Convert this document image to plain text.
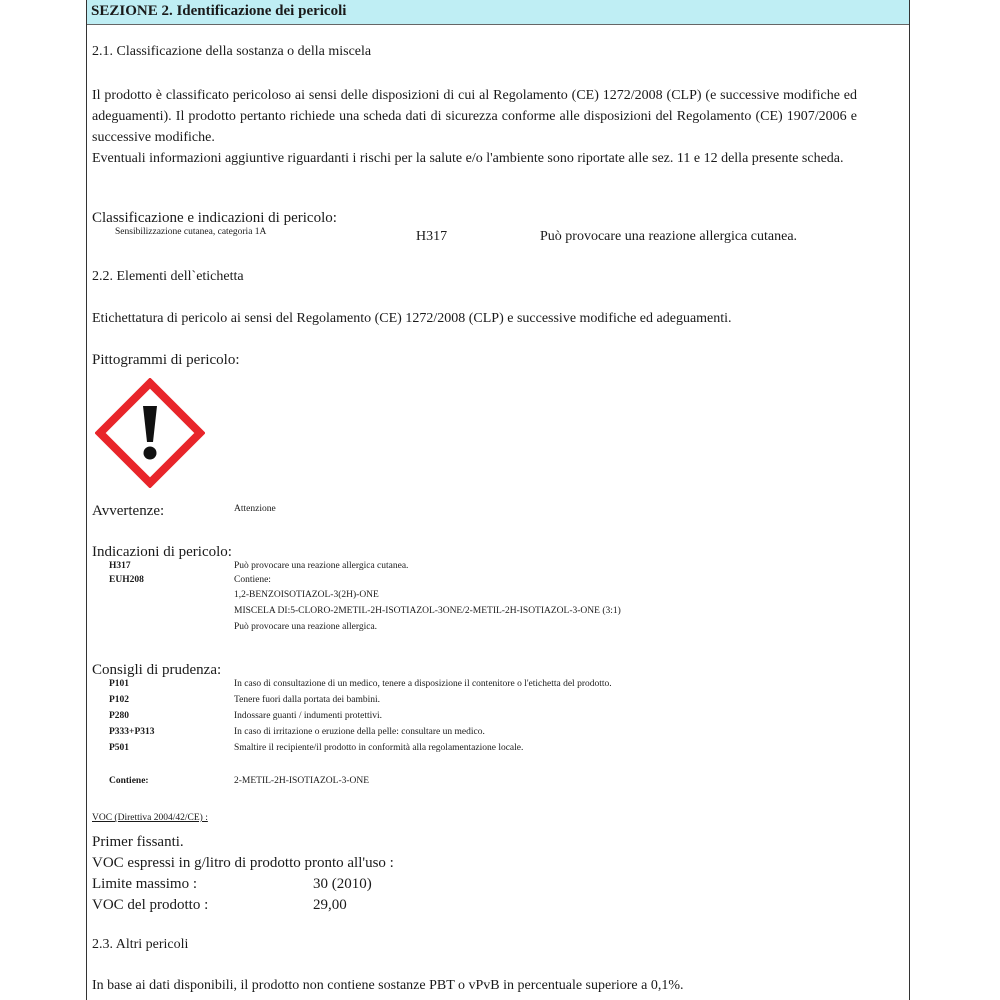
SEZIONE 2. Identificazione dei pericoli
2.1. Classificazione della sostanza o della miscela
Il prodotto è classificato pericoloso ai sensi delle disposizioni di cui al Regolamento (CE) 1272/2008 (CLP) (e successive modifiche ed adeguamenti). Il prodotto pertanto richiede una scheda dati di sicurezza conforme alle disposizioni del Regolamento (CE) 1907/2006 e successive modifiche.
Eventuali informazioni aggiuntive riguardanti i rischi per la salute e/o l'ambiente sono riportate alle sez. 11 e 12 della presente scheda.
Classificazione e indicazioni di pericolo:
Sensibilizzazione cutanea, categoria 1A	H317	Può provocare una reazione allergica cutanea.
2.2. Elementi dell`etichetta
Etichettatura di pericolo ai sensi del Regolamento (CE) 1272/2008 (CLP) e successive modifiche ed adeguamenti.
Pittogrammi di pericolo:
Avvertenze:	Attenzione
Indicazioni di pericolo:
H317	Può provocare una reazione allergica cutanea.
EUH208	Contiene:
1,2-BENZOISOTIAZOL-3(2H)-ONE
MISCELA DI:5-CLORO-2METIL-2H-ISOTIAZOL-3ONE/2-METIL-2H-ISOTIAZOL-3-ONE (3:1)
Può provocare una reazione allergica.
Consigli di prudenza:
P101	In caso di consultazione di un medico, tenere a disposizione il contenitore o l'etichetta del prodotto.
P102	Tenere fuori dalla portata dei bambini.
P280	Indossare guanti / indumenti protettivi.
P333+P313	In caso di irritazione o eruzione della pelle: consultare un medico.
P501	Smaltire il recipiente/il prodotto in conformità alla regolamentazione locale.
Contiene:	2-METIL-2H-ISOTIAZOL-3-ONE
VOC (Direttiva 2004/42/CE) :
Primer fissanti.
VOC espressi in g/litro di prodotto pronto all'uso :
Limite massimo :	30 (2010)
VOC del prodotto :	29,00
2.3. Altri pericoli
In base ai dati disponibili, il prodotto non contiene sostanze PBT o vPvB in percentuale superiore a 0,1%.
